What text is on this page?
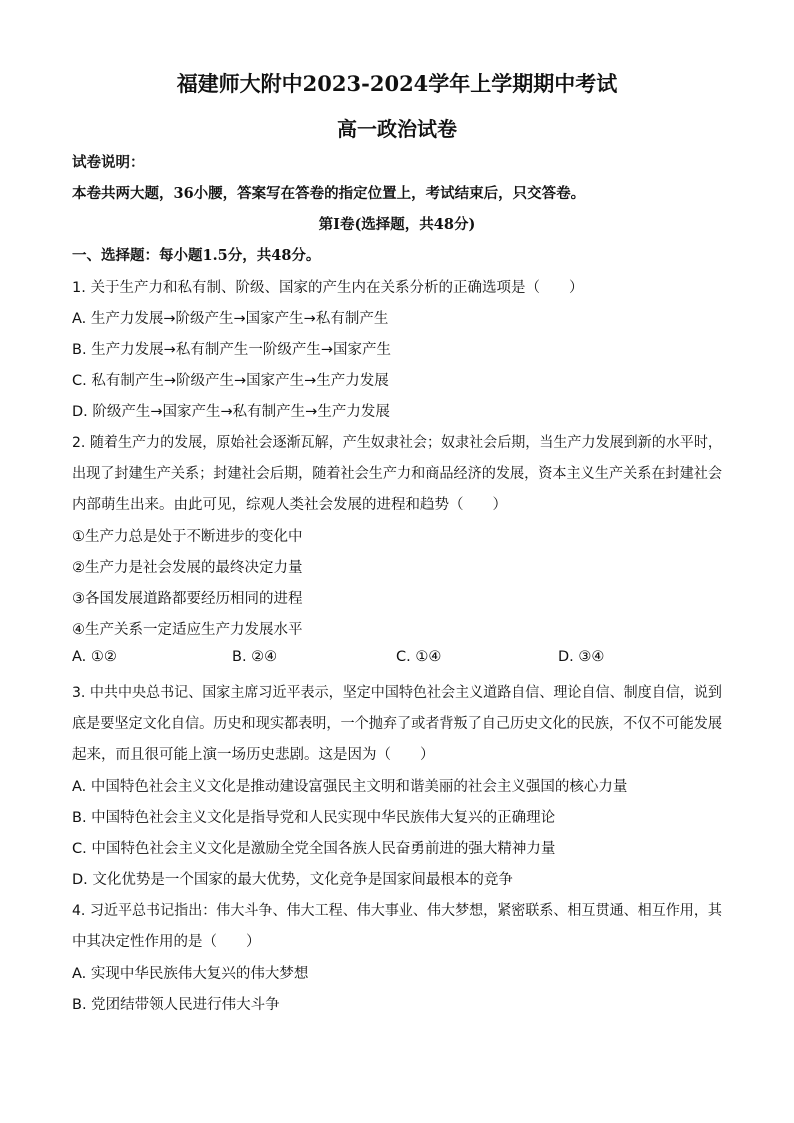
福建师大附中2023-2024学年上学期期中考试
高一政治试卷
试卷说明：
本卷共两大题，36小腰，答案写在答卷的指定位置上，考试结束后，只交答卷。
第Ⅰ卷(选择题，共48分)
一、选择题：每小题1.5分，共48分。
1. 关于生产力和私有制、阶级、国家的产生内在关系分析的正确选项是（　　）
A. 生产力发展→阶级产生→国家产生→私有制产生
B. 生产力发展→私有制产生一阶级产生→国家产生
C. 私有制产生→阶级产生→国家产生→生产力发展
D. 阶级产生→国家产生→私有制产生→生产力发展
2. 随着生产力的发展，原始社会逐渐瓦解，产生奴隶社会；奴隶社会后期，当生产力发展到新的水平时，
出现了封建生产关系；封建社会后期，随着社会生产力和商品经济的发展，资本主义生产关系在封建社会
内部萌生出来。由此可见，综观人类社会发展的进程和趋势（　　）
①生产力总是处于不断进步的变化中
②生产力是社会发展的最终决定力量
③各国发展道路都要经历相同的进程
④生产关系一定适应生产力发展水平
A. ①②	B. ②④	C. ①④	D. ③④
3. 中共中央总书记、国家主席习近平表示，坚定中国特色社会主义道路自信、理论自信、制度自信，说到
底是要坚定文化自信。历史和现实都表明，一个抛弃了或者背叛了自己历史文化的民族，不仅不可能发展
起来，而且很可能上演一场历史悲剧。这是因为（　　）
A. 中国特色社会主义文化是推动建设富强民主文明和谐美丽的社会主义强国的核心力量
B. 中国特色社会主义文化是指导党和人民实现中华民族伟大复兴的正确理论
C. 中国特色社会主义文化是激励全党全国各族人民奋勇前进的强大精神力量
D. 文化优势是一个国家的最大优势，文化竞争是国家间最根本的竞争
4. 习近平总书记指出：伟大斗争、伟大工程、伟大事业、伟大梦想，紧密联系、相互贯通、相互作用，其
中其决定性作用的是（　　）
A. 实现中华民族伟大复兴的伟大梦想
B. 党团结带领人民进行伟大斗争
